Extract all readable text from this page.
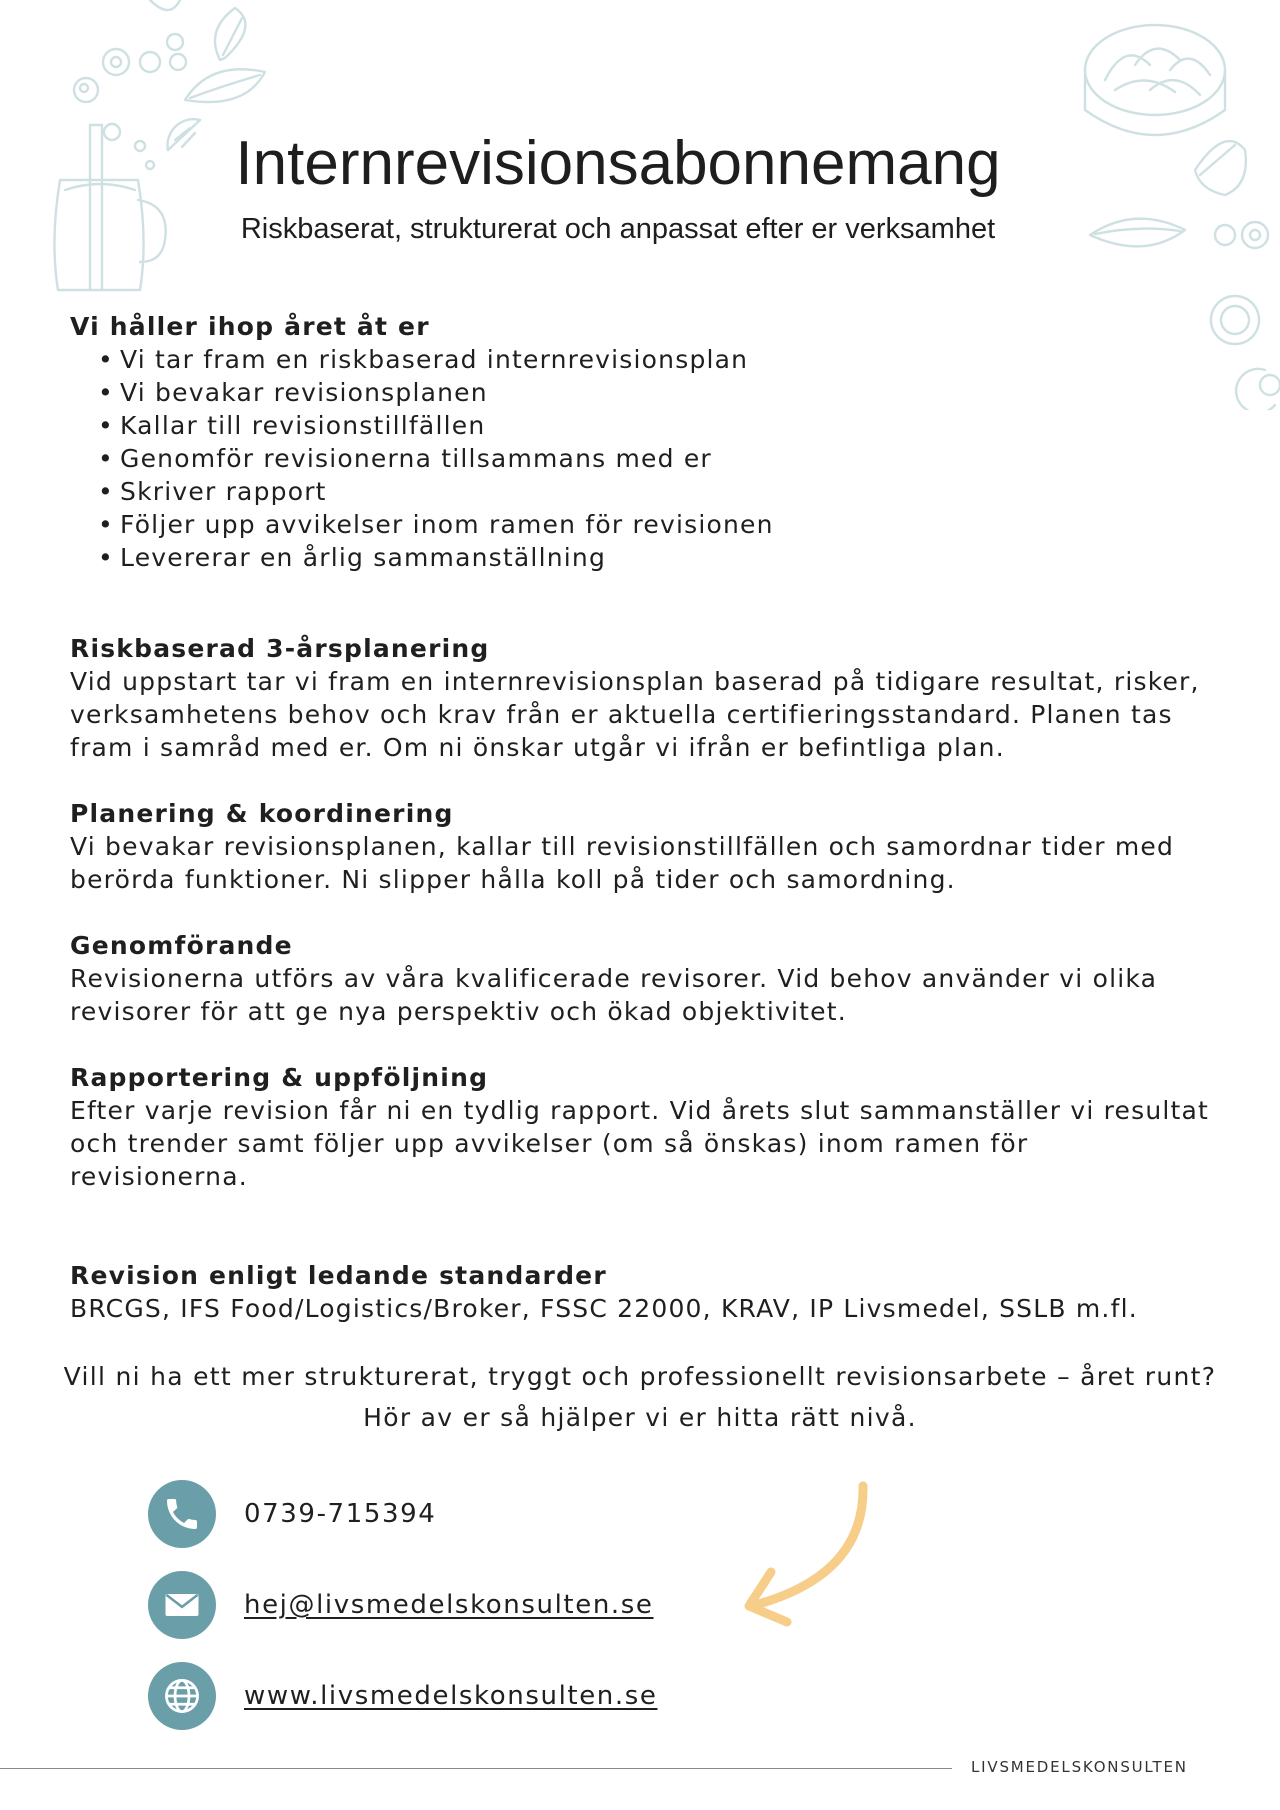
Internrevisionsabonnemang
Riskbaserat, strukturerat och anpassat efter er verksamhet

Vi håller ihop året åt er

• Vi tar fram en riskbaserad internrevisionsplan
• Vi bevakar revisionsplanen
• Kallar till revisionstillfällen
• Genomför revisionerna tillsammans med er
• Skriver rapport
• Följer upp avvikelser inom ramen för revisionen
• Levererar en årlig sammanställning

Riskbaserad 3-årsplanering

Vid uppstart tar vi fram en internrevisionsplan baserad på tidigare resultat, risker,

verksamhetens behov och krav från er aktuella certifieringsstandard. Planen tas

fram i samråd med er. Om ni önskar utgår vi ifrån er befintliga plan.

Planering & koordinering

Vi bevakar revisionsplanen, kallar till revisionstillfällen och samordnar tider med

berörda funktioner. Ni slipper hålla koll på tider och samordning.

Genomförande

Revisionerna utförs av våra kvalificerade revisorer. Vid behov använder vi olika

revisorer för att ge nya perspektiv och ökad objektivitet.

Rapportering & uppföljning

Efter varje revision får ni en tydlig rapport. Vid årets slut sammanställer vi resultat

och trender samt följer upp avvikelser (om så önskas) inom ramen för revisionerna.

Revision enligt ledande standarder

BRCGS, IFS Food/Logistics/Broker, FSSC 22000, KRAV, IP Livsmedel, SSLB m.fl.

Vill ni ha ett mer strukturerat, tryggt och professionellt revisionsarbete – året runt?
Hör av er så hjälper vi er hitta rätt nivå.
0739-715394
hej@livsmedelskonsulten.se
www.livsmedelskonsulten.se
LIVSMEDELSKONSULTEN
